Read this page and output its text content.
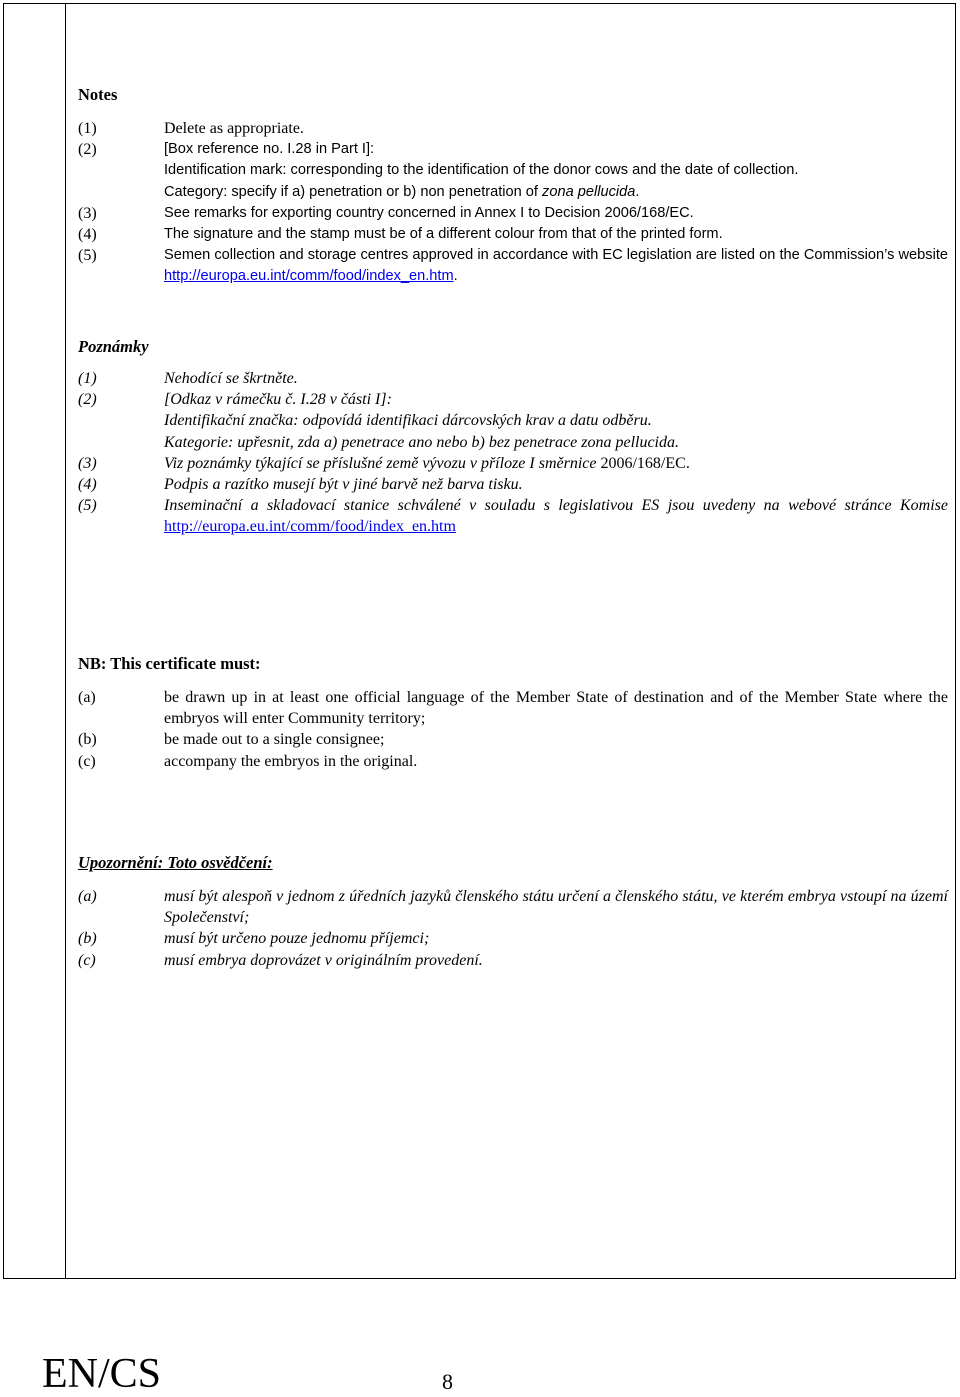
Notes

(1)	Delete as appropriate.
(2)	[Box reference no. I.28 in Part I]:
Identification mark: corresponding to the identification of the donor cows and the date of collection.
Category: specify if a) penetration or b) non penetration of zona pellucida.
(3)	See remarks for exporting country concerned in Annex I to Decision 2006/168/EC.
(4)	The signature and the stamp must be of a different colour from that of the printed form.
(5)	Semen collection and storage centres approved in accordance with EC legislation are listed on the Commission’s website http://europa.eu.int/comm/food/index_en.htm.

Poznámky

(1)	Nehodící se škrtněte.
(2)	[Odkaz v rámečku č. I.28 v části I]:
Identifikační značka: odpovídá identifikaci dárcovských krav a datu odběru.
Kategorie: upřesnit, zda a) penetrace ano nebo b) bez penetrace zona pellucida.
(3)	Viz poznámky týkající se příslušné země vývozu v příloze I směrnice 2006/168/EC.
(4)	Podpis a razítko musejí být v jiné barvě než barva tisku.
(5)	Inseminační a skladovací stanice schválené v souladu s legislativou ES jsou uvedeny na webové stránce Komise http://europa.eu.int/comm/food/index_en.htm

NB: This certificate must:

(a)	be drawn up in at least one official language of the Member State of destination and of the Member State where the embryos will enter Community territory;
(b)	be made out to a single consignee;
(c)	accompany the embryos in the original.

Upozornění: Toto osvědčení:

(a)	musí být alespoň v jednom z úředních jazyků členského státu určení a členského státu, ve kterém embrya vstoupí na území Společenství;
(b)	musí být určeno pouze jednomu příjemci;
(c)	musí embrya doprovázet v originálním provedení.
EN/CS	8
